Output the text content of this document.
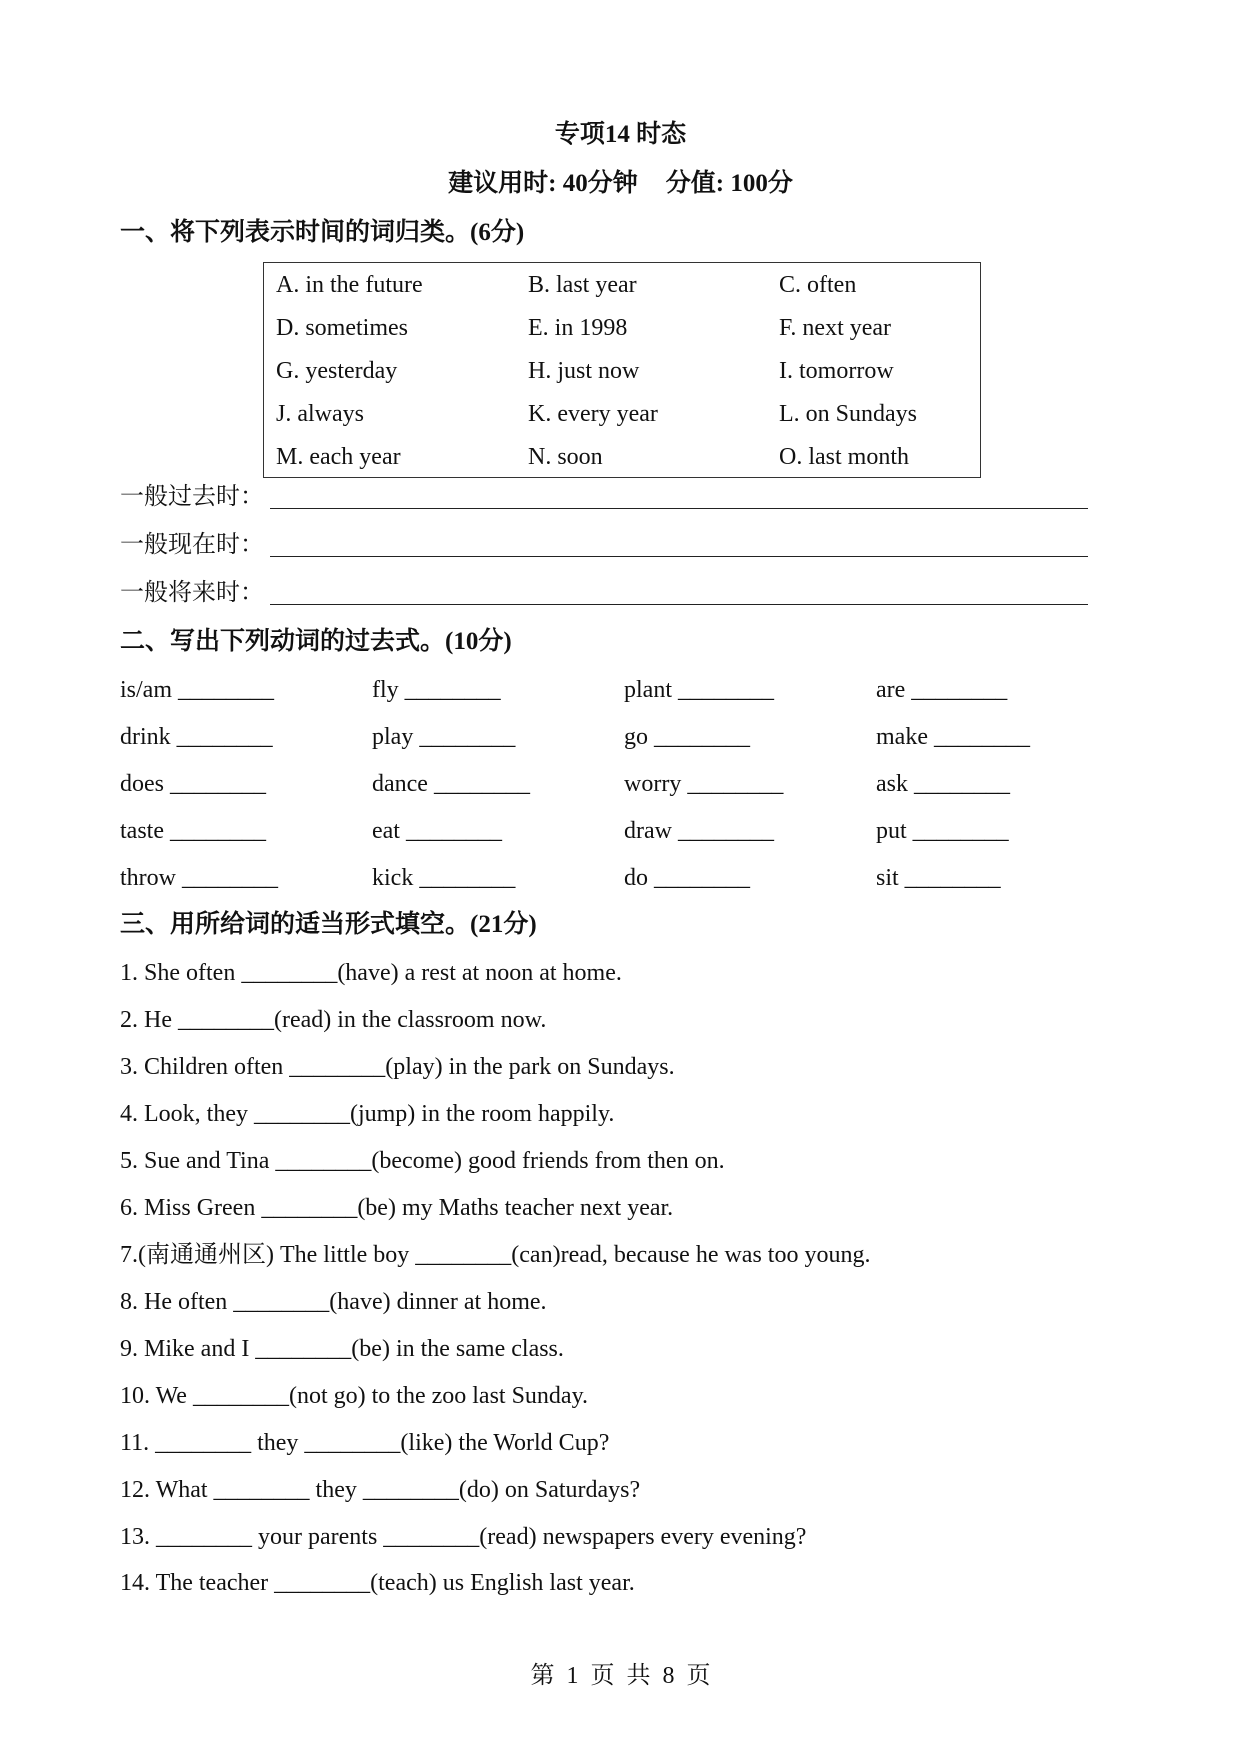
专项14 时态
建议用时: 40分钟 分值: 100分
一、将下列表示时间的词归类。(6分)
A. in the future	B. last year	C. often
D. sometimes	E. in 1998	F. next year
G. yesterday	H. just now	I. tomorrow
J. always	K. every year	L. on Sundays
M. each year	N. soon	O. last month
一般过去时：
一般现在时：
一般将来时：
二、写出下列动词的过去式。(10分)
is/am ________	fly ________	plant ________	are ________
drink ________	play ________	go ________	make ________
does ________	dance ________	worry ________	ask ________
taste ________	eat ________	draw ________	put ________
throw ________	kick ________	do ________	sit ________
三、用所给词的适当形式填空。(21分)
1. She often ________(have) a rest at noon at home.
2. He ________(read) in the classroom now.
3. Children often ________(play) in the park on Sundays.
4. Look, they ________(jump) in the room happily.
5. Sue and Tina ________(become) good friends from then on.
6. Miss Green ________(be) my Maths teacher next year.
7.(南通通州区) The little boy ________(can)read, because he was too young.
8. He often ________(have) dinner at home.
9. Mike and I ________(be) in the same class.
10. We ________(not go) to the zoo last Sunday.
11. ________ they ________(like) the World Cup?
12. What ________ they ________(do) on Saturdays?
13. ________ your parents ________(read) newspapers every evening?
14. The teacher ________(teach) us English last year.
第 1 页 共 8 页
